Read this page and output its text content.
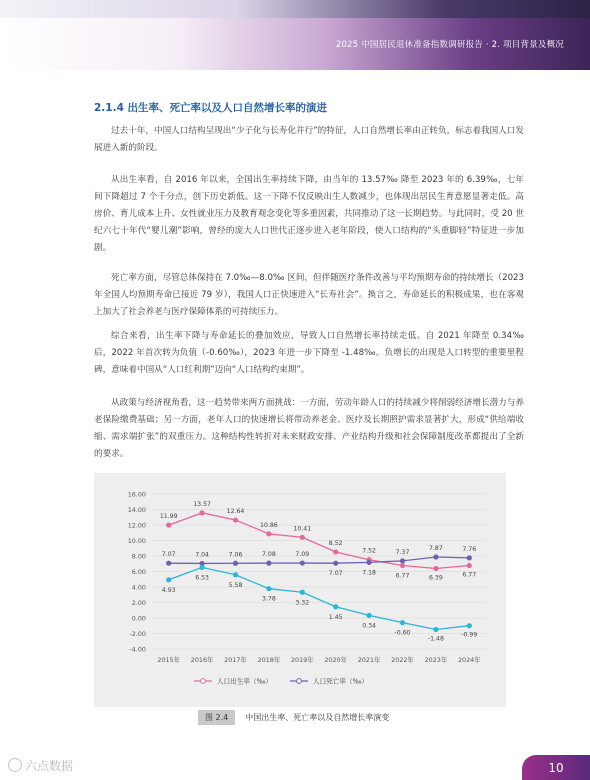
2025 中国居民退休准备指数调研报告 · 2. 项目背景及概况
2.1.4 出生率、死亡率以及人口自然增长率的演进

过去十年，中国人口结构呈现出“少子化与长寿化并行”的特征，人口自然增长率由正转负，标志着我国人口发展进入新的阶段。

从出生率看，自 2016 年以来，全国出生率持续下降，由当年的 13.57‰ 降至 2023 年的 6.39‰，七年间下降超过 7 个千分点，创下历史新低。这一下降不仅反映出生人数减少，也体现出居民生育意愿显著走低。高房价、育儿成本上升、女性就业压力及教育观念变化等多重因素，共同推动了这一长期趋势。与此同时，受 20 世纪六七十年代“婴儿潮”影响，曾经的庞大人口世代正逐步进入老年阶段，使人口结构的“头重脚轻”特征进一步加剧。

死亡率方面，尽管总体保持在 7.0‰—8.0‰ 区间，但伴随医疗条件改善与平均预期寿命的持续增长（2023 年全国人均预期寿命已接近 79 岁），我国人口正快速进入“长寿社会”。换言之，寿命延长的积极成果，也在客观上加大了社会养老与医疗保障体系的可持续压力。

综合来看，出生率下降与寿命延长的叠加效应，导致人口自然增长率持续走低。自 2021 年降至 0.34‰ 后，2022 年首次转为负值（-0.60‰），2023 年进一步下降至 -1.48‰。负增长的出现是人口转型的重要里程碑，意味着中国从“人口红利期”迈向“人口结构约束期”。

从政策与经济视角看，这一趋势带来两方面挑战：一方面，劳动年龄人口的持续减少将削弱经济增长潜力与养老保险缴费基础；另一方面，老年人口的快速增长将带动养老金、医疗及长期照护需求显著扩大，形成“供给端收缩、需求端扩张”的双重压力。这种结构性转折对未来财政安排、产业结构升级和社会保障制度改革都提出了全新的要求。

16.00
14.00
12.00
10.00
8.00
6.00
4.00
2.00
0.00
-2.00
-4.00
2015年 2016年 2017年 2018年 2019年 2020年 2021年 2022年 2023年 2024年
11.99
13.57
12.64
10.86	10.41
8.52
7.52
6.77	6.39	6.77
7.07	7.04	7.06	7.08	7.09
7.07	7.18
7.37
7.87	7.76
4.93
6.53
5.58
3.78
3.32
1.45
0.34
-0.60
-1.48
-0.99
人口出生率（‰）	人口死亡率（‰）
图 2.4 中国出生率、死亡率以及自然增长率演变
六点数据	10
